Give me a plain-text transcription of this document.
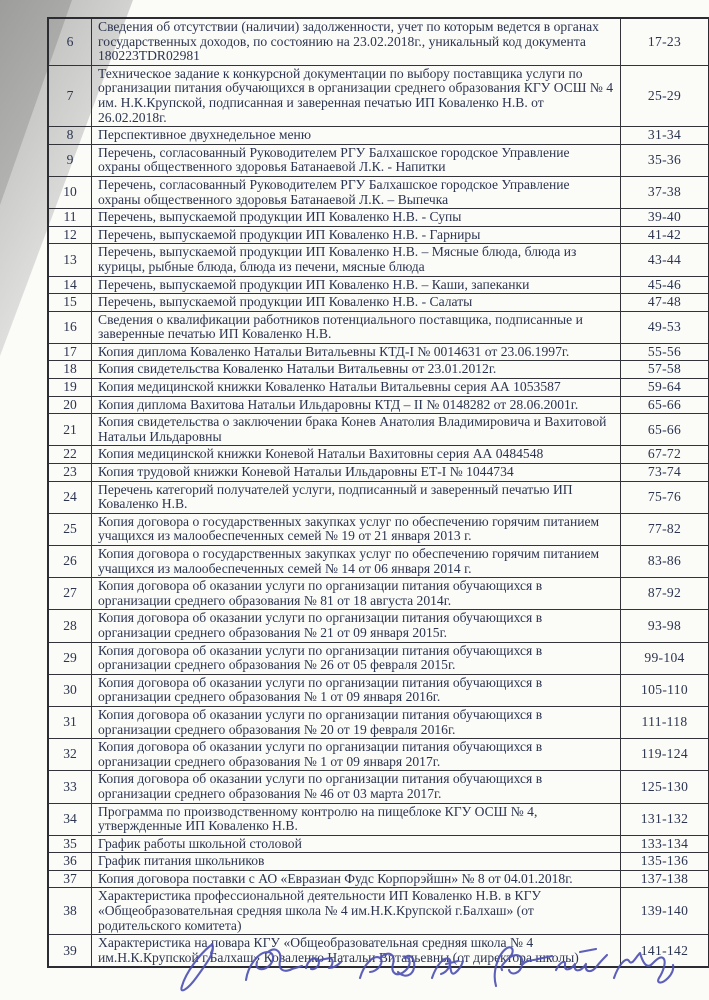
6	Сведения об отсутствии (наличии) задолженности, учет по которым ведется в органах государственных доходов, по состоянию на 23.02.2018г., уникальный код документа 180223TDR02981	17-23
7	Техническое задание к конкурсной документации по выбору поставщика услуги по организации питания обучающихся в организации среднего образования КГУ ОСШ № 4 им. Н.К.Крупской, подписанная и заверенная печатью ИП Коваленко Н.В. от 26.02.2018г.	25-29
8	Перспективное двухнедельное меню	31-34
9	Перечень, согласованный Руководителем РГУ Балхашское городское Управление охраны общественного здоровья Батанаевой Л.К. - Напитки	35-36
10	Перечень, согласованный Руководителем РГУ Балхашское городское Управление охраны общественного здоровья Батанаевой Л.К. – Выпечка	37-38
11	Перечень, выпускаемой продукции ИП Коваленко Н.В. - Супы	39-40
12	Перечень, выпускаемой продукции ИП Коваленко Н.В. - Гарниры	41-42
13	Перечень, выпускаемой продукции ИП Коваленко Н.В. – Мясные блюда, блюда из курицы, рыбные блюда, блюда из печени, мясные блюда	43-44
14	Перечень, выпускаемой продукции ИП Коваленко Н.В. – Каши, запеканки	45-46
15	Перечень, выпускаемой продукции ИП Коваленко Н.В. - Салаты	47-48
16	Сведения о квалификации работников потенциального поставщика, подписанные и заверенные печатью ИП Коваленко Н.В.	49-53
17	Копия диплома Коваленко Натальи Витальевны КТД-I № 0014631 от 23.06.1997г.	55-56
18	Копия свидетельства Коваленко Натальи Витальевны от 23.01.2012г.	57-58
19	Копия медицинской книжки Коваленко Натальи Витальевны серия АА 1053587	59-64
20	Копия диплома Вахитова Натальи Ильдаровны КТД – II № 0148282 от 28.06.2001г.	65-66
21	Копия свидетельства о заключении брака Конев Анатолия Владимировича и Вахитовой Натальи Ильдаровны	65-66
22	Копия медицинской книжки Коневой Натальи Вахитовны серия АА 0484548	67-72
23	Копия трудовой книжки Коневой Натальи Ильдаровны ЕТ-I № 1044734	73-74
24	Перечень категорий получателей услуги, подписанный и заверенный печатью ИП Коваленко Н.В.	75-76
25	Копия договора о государственных закупках услуг по обеспечению горячим питанием учащихся из малообеспеченных семей № 19 от 21 января 2013 г.	77-82
26	Копия договора о государственных закупках услуг по обеспечению горячим питанием учащихся из малообеспеченных семей № 14 от 06 января 2014 г.	83-86
27	Копия договора об оказании услуги по организации питания обучающихся в организации среднего образования № 81 от 18 августа 2014г.	87-92
28	Копия договора об оказании услуги по организации питания обучающихся в организации среднего образования № 21 от 09 января 2015г.	93-98
29	Копия договора об оказании услуги по организации питания обучающихся в организации среднего образования № 26 от 05 февраля 2015г.	99-104
30	Копия договора об оказании услуги по организации питания обучающихся в организации среднего образования № 1 от 09 января 2016г.	105-110
31	Копия договора об оказании услуги по организации питания обучающихся в организации среднего образования № 20 от 19 февраля 2016г.	111-118
32	Копия договора об оказании услуги по организации питания обучающихся в организации среднего образования № 1 от 09 января 2017г.	119-124
33	Копия договора об оказании услуги по организации питания обучающихся в организации среднего образования № 46 от 03 марта 2017г.	125-130
34	Программа по производственному контролю на пищеблоке КГУ ОСШ № 4, утвержденные ИП Коваленко Н.В.	131-132
35	График работы школьной столовой	133-134
36	График питания школьников	135-136
37	Копия договора поставки с АО «Евразиан Фудс Корпорэйшн» № 8 от 04.01.2018г.	137-138
38	Характеристика профессиональной деятельности ИП Коваленко Н.В. в КГУ «Общеобразовательная средняя школа № 4 им.Н.К.Крупской г.Балхаш» (от родительского комитета)	139-140
39	Характеристика на повара КГУ «Общеобразовательная средняя школа № 4 им.Н.К.Крупской г.Балхаш» Коваленко Натальи Витальевны (от директора школы)	141-142
